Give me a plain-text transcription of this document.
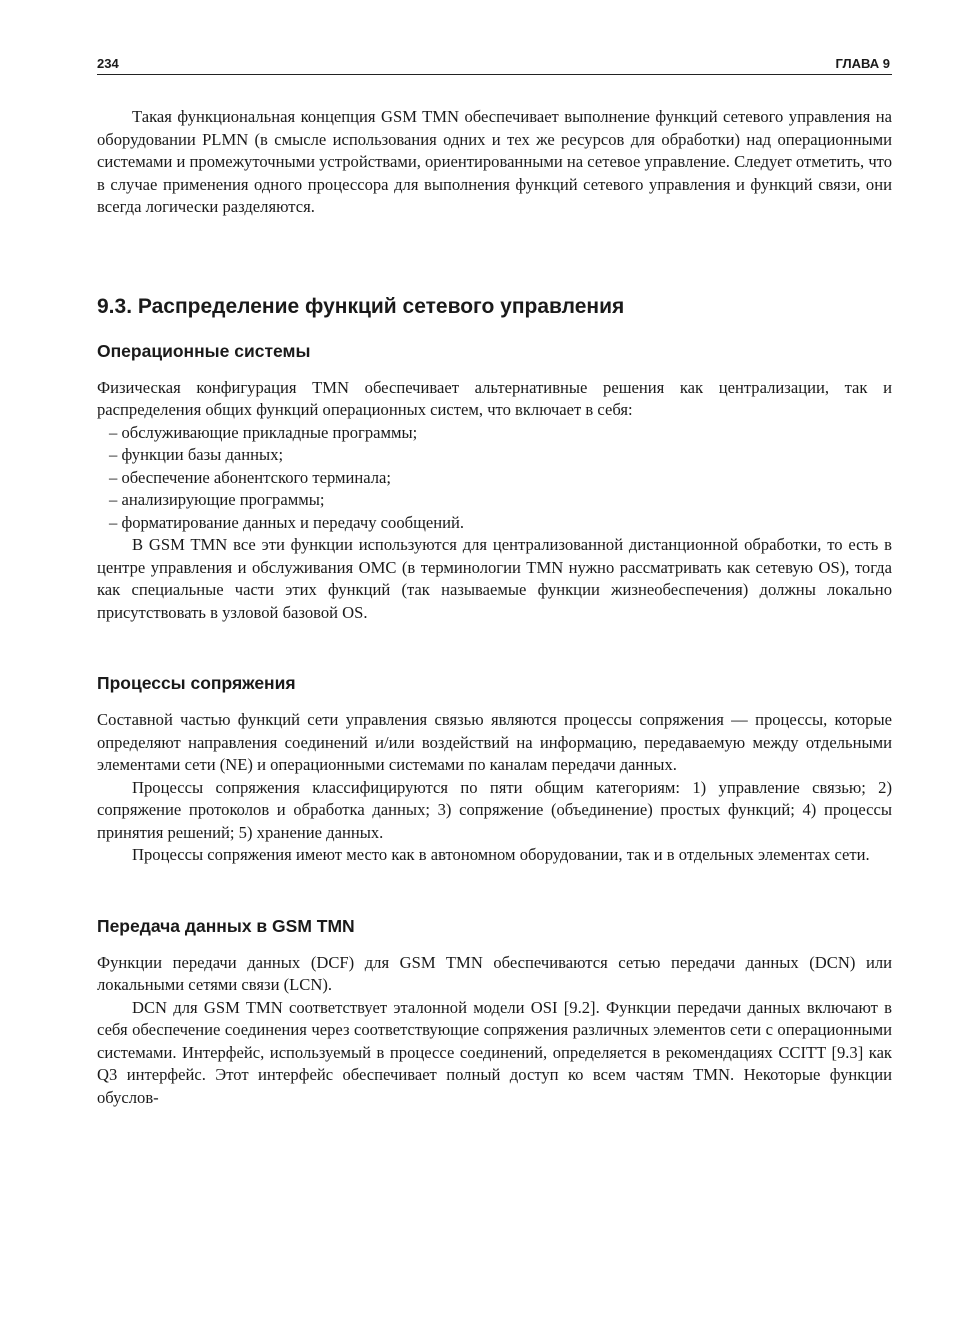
234	ГЛАВА 9

Такая функциональная концепция GSM TMN обеспечивает выполнение функций сетевого управления на оборудовании PLMN (в смысле использования одних и тех же ресурсов для обработки) над операционными системами и промежуточными устройствами, ориентированными на сетевое управление. Следует отметить, что в случае применения одного процессора для выполнения функций сетевого управления и функций связи, они всегда логически разделяются.

9.3. Распределение функций сетевого управления
Операционные системы

Физическая конфигурация TMN обеспечивает альтернативные решения как централизации, так и распределения общих функций операционных систем, что включает в себя:

– обслуживающие прикладные программы;
– функции базы данных;
– обеспечение абонентского терминала;
– анализирующие программы;
– форматирование данных и передачу сообщений.

В GSM TMN все эти функции используются для централизованной дистанционной обработки, то есть в центре управления и обслуживания OMC (в терминологии TMN нужно рассматривать как сетевую OS), тогда как специальные части этих функций (так называемые функции жизнеобеспечения) должны локально присутствовать в узловой базовой OS.

Процессы сопряжения

Составной частью функций сети управления связью являются процессы сопряжения — процессы, которые определяют направления соединений и/или воздействий на информацию, передаваемую между отдельными элементами сети (NE) и операционными системами по каналам передачи данных.

Процессы сопряжения классифицируются по пяти общим категориям: 1) управление связью; 2) сопряжение протоколов и обработка данных; 3) сопряжение (объединение) простых функций; 4) процессы принятия решений; 5) хранение данных.

Процессы сопряжения имеют место как в автономном оборудовании, так и в отдельных элементах сети.

Передача данных в GSM TMN

Функции передачи данных (DCF) для GSM TMN обеспечиваются сетью передачи данных (DCN) или локальными сетями связи (LCN).

DCN для GSM TMN соответствует эталонной модели OSI [9.2]. Функции передачи данных включают в себя обеспечение соединения через соответствующие сопряжения различных элементов сети с операционными системами. Интерфейс, используемый в процессе соединений, определяется в рекомендациях CCITT [9.3] как Q3 интерфейс. Этот интерфейс обеспечивает полный доступ ко всем частям TMN. Некоторые функции обуслов-
